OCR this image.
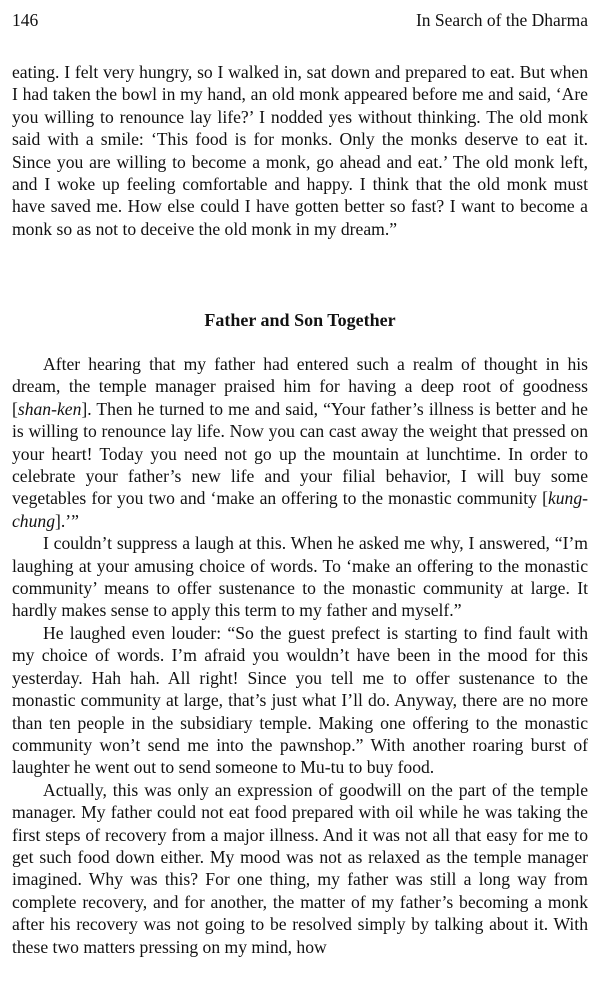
146	In Search of the Dharma

eating. I felt very hungry, so I walked in, sat down and prepared to eat. But when I had taken the bowl in my hand, an old monk appeared before me and said, ‘Are you willing to renounce lay life?’ I nodded yes without thinking. The old monk said with a smile: ‘This food is for monks. Only the monks deserve to eat it. Since you are willing to become a monk, go ahead and eat.’ The old monk left, and I woke up feeling comfortable and happy. I think that the old monk must have saved me. How else could I have gotten better so fast? I want to become a monk so as not to deceive the old monk in my dream.”

Father and Son Together

After hearing that my father had entered such a realm of thought in his dream, the temple manager praised him for having a deep root of goodness [shan-ken]. Then he turned to me and said, “Your father’s illness is better and he is willing to renounce lay life. Now you can cast away the weight that pressed on your heart! Today you need not go up the mountain at lunchtime. In order to celebrate your father’s new life and your filial behavior, I will buy some vegetables for you two and ‘make an offering to the monastic community [kung-chung].’”

I couldn’t suppress a laugh at this. When he asked me why, I answered, “I’m laughing at your amusing choice of words. To ‘make an offering to the monastic community’ means to offer sustenance to the monastic community at large. It hardly makes sense to apply this term to my father and myself.”

He laughed even louder: “So the guest prefect is starting to find fault with my choice of words. I’m afraid you wouldn’t have been in the mood for this yesterday. Hah hah. All right! Since you tell me to offer sustenance to the monastic community at large, that’s just what I’ll do. Anyway, there are no more than ten people in the subsidiary temple. Making one offering to the monastic community won’t send me into the pawnshop.” With another roaring burst of laughter he went out to send someone to Mu-tu to buy food.

Actually, this was only an expression of goodwill on the part of the temple manager. My father could not eat food prepared with oil while he was taking the first steps of recovery from a major illness. And it was not all that easy for me to get such food down either. My mood was not as relaxed as the temple manager imagined. Why was this? For one thing, my father was still a long way from complete recovery, and for another, the matter of my father’s becoming a monk after his recovery was not going to be resolved simply by talking about it. With these two matters pressing on my mind, how
